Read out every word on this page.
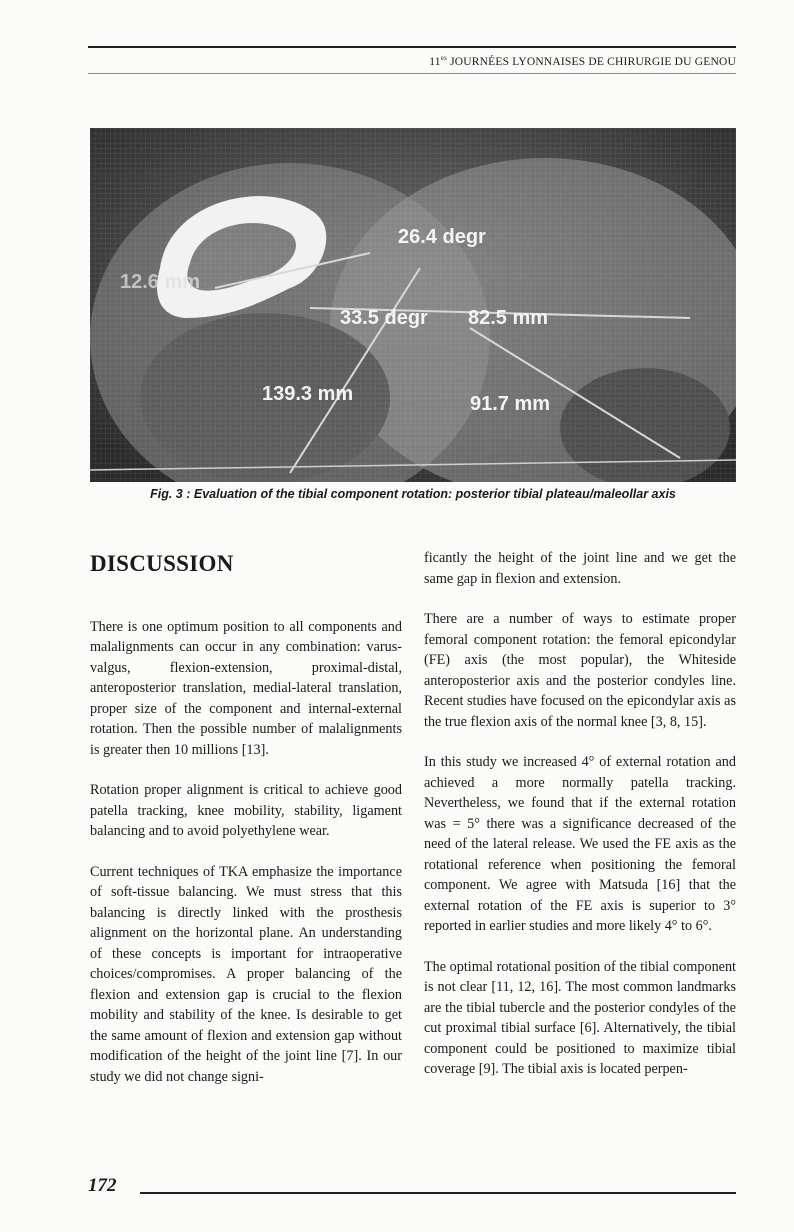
$11^{es}$ JOURNÉES LYONNAISES DE CHIRURGIE DU GENOU
26.4 degr
12.6 mm
33.5 degr 82.5 mm
139.3 mm	91.7 mm
Fig. 3 : Evaluation of the tibial component rotation: posterior tibial plateau/maleollar axis
DISCUSSION

There is one optimum position to all components and malalignments can occur in any combination: varus-valgus, flexion-extension, proximal-distal, anteroposterior translation, medial-lateral translation, proper size of the component and internal-external rotation. Then the possible number of malalignments is greater then 10 millions [13].

Rotation proper alignment is critical to achieve good patella tracking, knee mobility, stability, ligament balancing and to avoid polyethylene wear.

Current techniques of TKA emphasize the importance of soft-tissue balancing. We must stress that this balancing is directly linked with the prosthesis alignment on the horizontal plane. An understanding of these concepts is important for intraoperative choices/compromises. A proper balancing of the flexion and extension gap is crucial to the flexion mobility and stability of the knee. Is desirable to get the same amount of flexion and extension gap without modification of the height of the joint line [7]. In our study we did not change signi-

ficantly the height of the joint line and we get the same gap in flexion and extension.

There are a number of ways to estimate proper femoral component rotation: the femoral epicondylar (FE) axis (the most popular), the Whiteside anteroposterior axis and the posterior condyles line. Recent studies have focused on the epicondylar axis as the true flexion axis of the normal knee [3, 8, 15].

In this study we increased 4° of external rotation and achieved a more normally patella tracking. Nevertheless, we found that if the external rotation was = 5° there was a significance decreased of the need of the lateral release. We used the FE axis as the rotational reference when positioning the femoral component. We agree with Matsuda [16] that the external rotation of the FE axis is superior to 3° reported in earlier studies and more likely 4° to 6°.

The optimal rotational position of the tibial component is not clear [11, 12, 16]. The most common landmarks are the tibial tubercle and the posterior condyles of the cut proximal tibial surface [6]. Alternatively, the tibial component could be positioned to maximize tibial coverage [9]. The tibial axis is located perpen-

172
